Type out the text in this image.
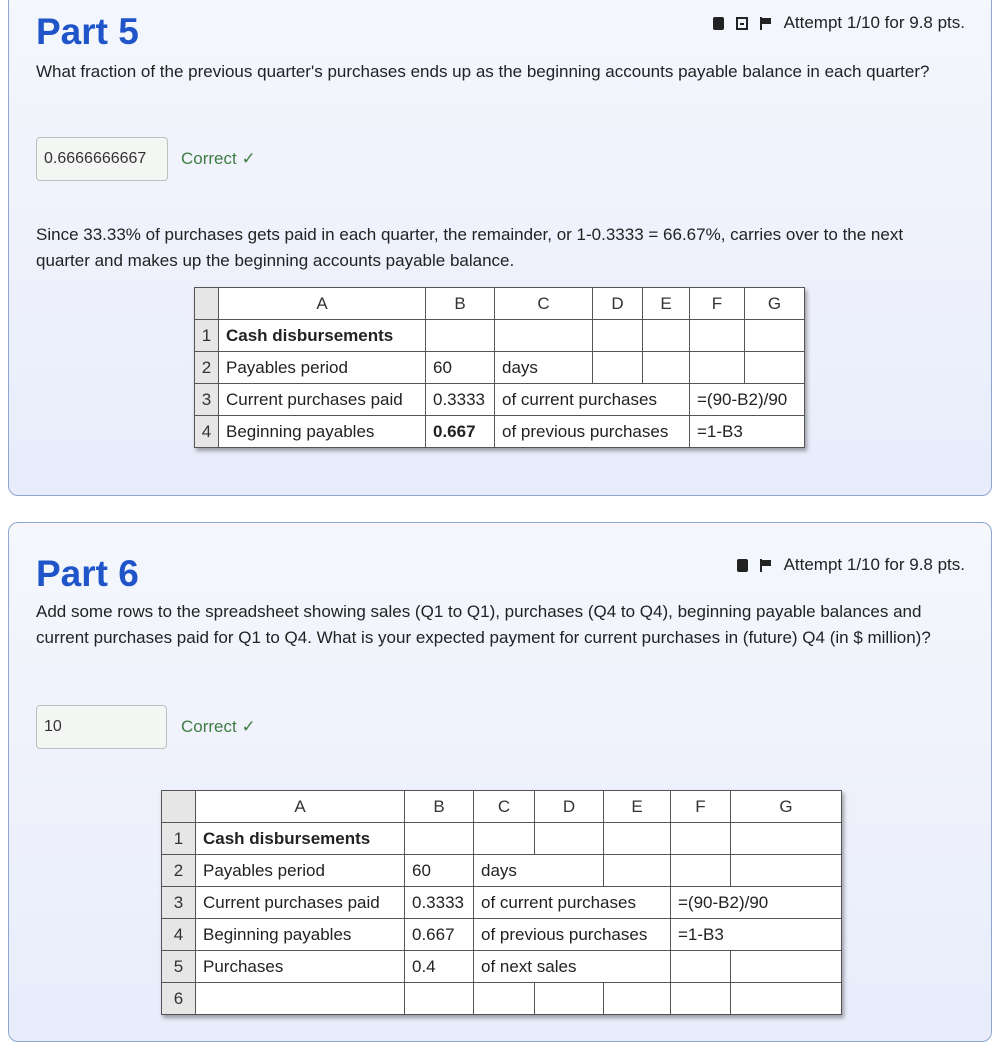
Part 5	Attempt 1/10 for 9.8 pts.

What fraction of the previous quarter's purchases ends up as the beginning accounts payable balance in each quarter?

0.6666666667	Correct ✓

Since 33.33% of purchases gets paid in each quarter, the remainder, or 1-0.3333 = 66.67%, carries over to the next quarter and makes up the beginning accounts payable balance.

	A	B	C	D	E	F	G
1	Cash disbursements						
2	Payables period	60	days				
3	Current purchases paid	0.3333	of current purchases			=(90-B2)/90	
4	Beginning payables	0.667	of previous purchases			=1-B3	
Part 6	Attempt 1/10 for 9.8 pts.

Add some rows to the spreadsheet showing sales (Q1 to Q1), purchases (Q4 to Q4), beginning payable balances and current purchases paid for Q1 to Q4. What is your expected payment for current purchases in (future) Q4 (in $ million)?

10	Correct ✓
	A	B	C	D	E	F	G
1	Cash disbursements						
2	Payables period	60	days				
3	Current purchases paid	0.3333	of current purchases			=(90-B2)/90	
4	Beginning payables	0.667	of previous purchases			=1-B3	
5	Purchases	0.4	of next sales				
6							
